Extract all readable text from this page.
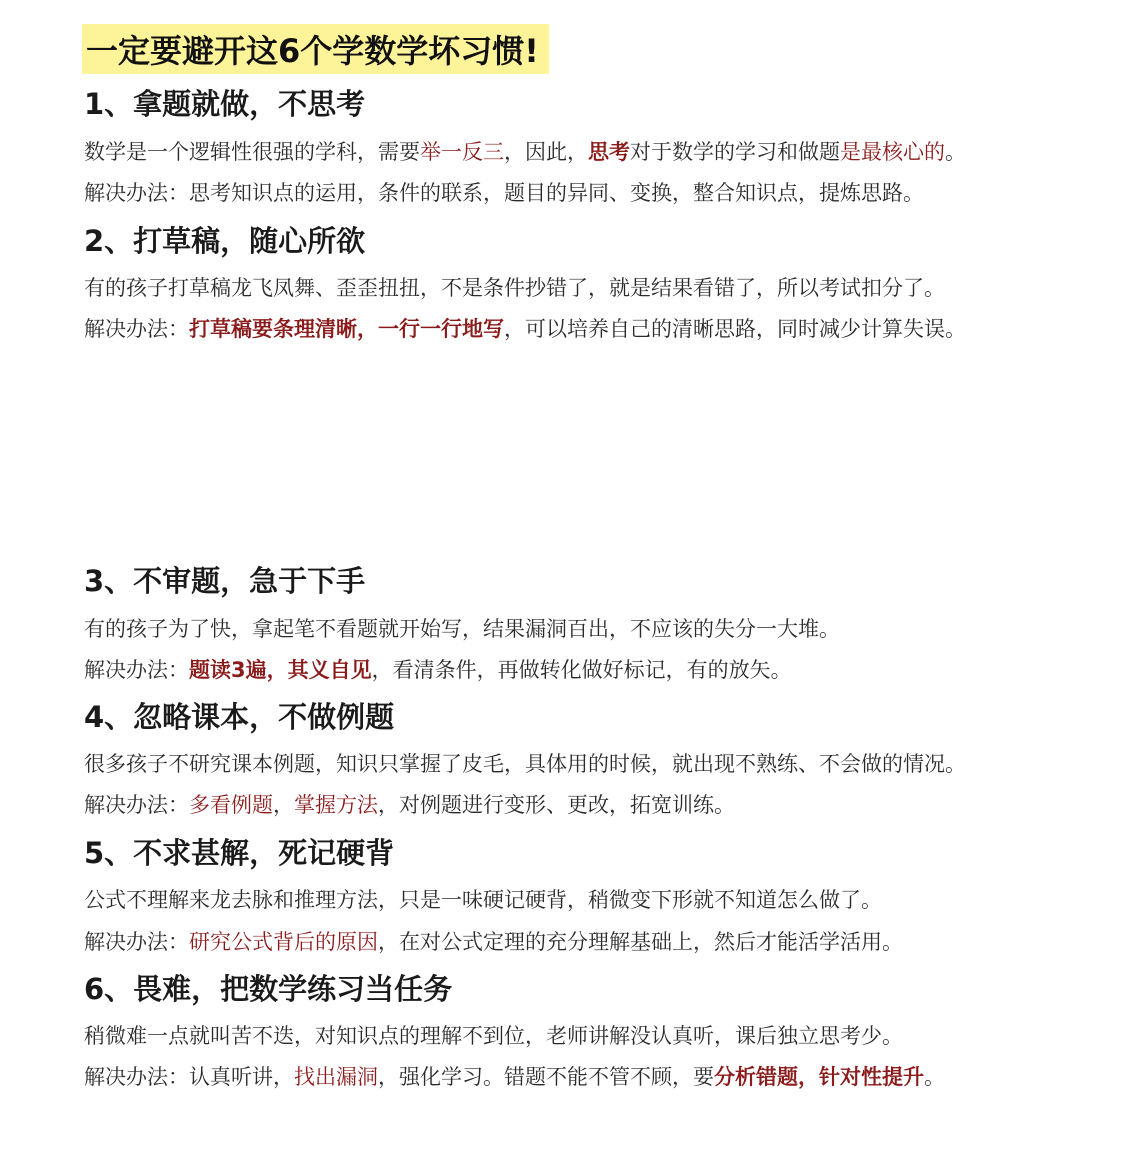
一定要避开这6个学数学坏习惯!
1、拿题就做，不思考
数学是一个逻辑性很强的学科，需要举一反三，因此，思考对于数学的学习和做题是最核心的。
解决办法：思考知识点的运用，条件的联系，题目的异同、变换，整合知识点，提炼思路。
2、打草稿，随心所欲
有的孩子打草稿龙飞凤舞、歪歪扭扭，不是条件抄错了，就是结果看错了，所以考试扣分了。
解决办法：打草稿要条理清晰，一行一行地写，可以培养自己的清晰思路，同时减少计算失误。
3、不审题，急于下手
有的孩子为了快，拿起笔不看题就开始写，结果漏洞百出，不应该的失分一大堆。
解决办法：题读3遍，其义自见，看清条件，再做转化做好标记，有的放矢。
4、忽略课本，不做例题
很多孩子不研究课本例题，知识只掌握了皮毛，具体用的时候，就出现不熟练、不会做的情况。
解决办法：多看例题，掌握方法，对例题进行变形、更改，拓宽训练。
5、不求甚解，死记硬背
公式不理解来龙去脉和推理方法，只是一味硬记硬背，稍微变下形就不知道怎么做了。
解决办法：研究公式背后的原因，在对公式定理的充分理解基础上，然后才能活学活用。
6、畏难，把数学练习当任务
稍微难一点就叫苦不迭，对知识点的理解不到位，老师讲解没认真听，课后独立思考少。
解决办法：认真听讲，找出漏洞，强化学习。错题不能不管不顾，要分析错题，针对性提升。
